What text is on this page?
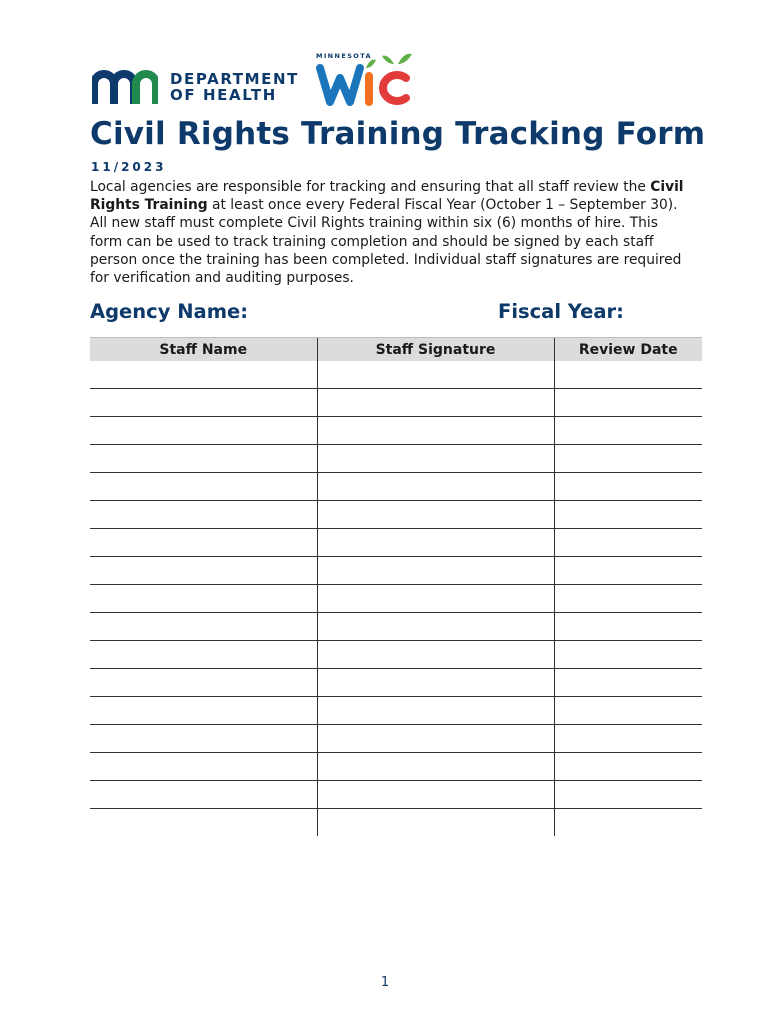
DEPARTMENT
OF HEALTH
MINNESOTA
Civil Rights Training Tracking Form
11/2023

Local agencies are responsible for tracking and ensuring that all staff review the Civil Rights Training at least once every Federal Fiscal Year (October 1 – September 30). All new staff must complete Civil Rights training within six (6) months of hire. This form can be used to track training completion and should be signed by each staff person once the training has been completed. Individual staff signatures are required for verification and auditing purposes.

Agency Name:	Fiscal Year:
Staff Name	Staff Signature	Review Date

1
